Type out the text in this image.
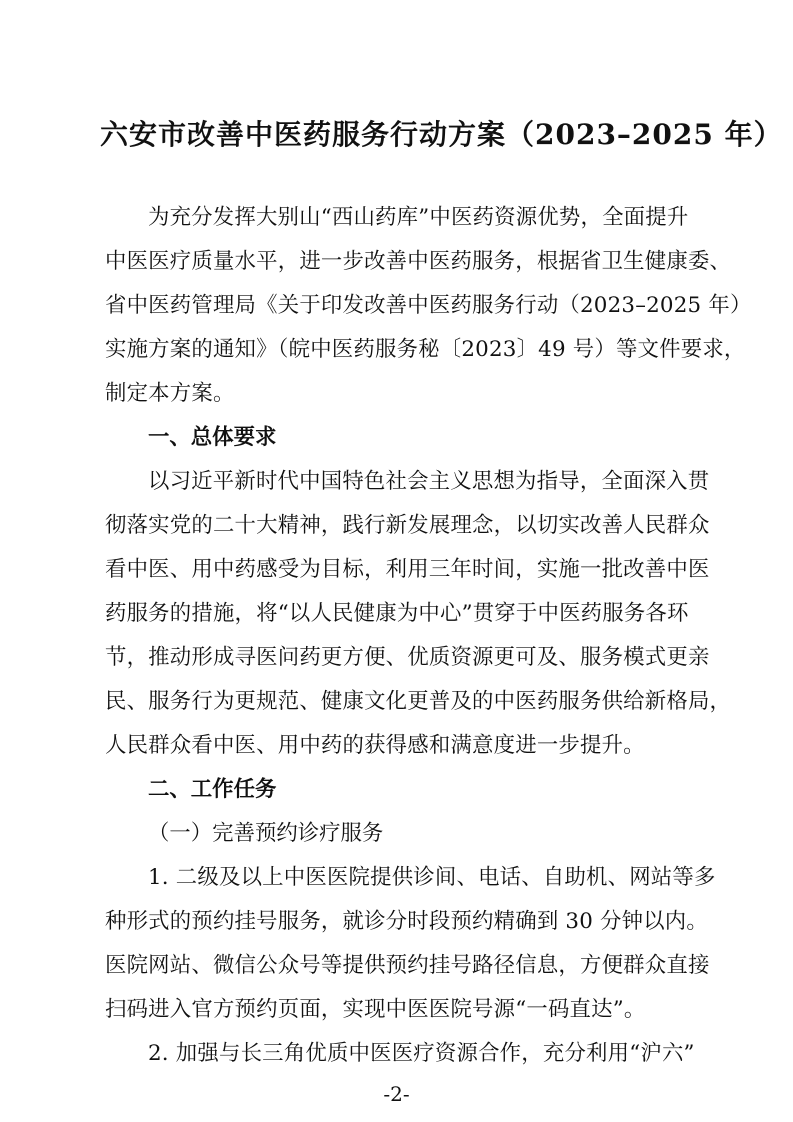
六安市改善中医药服务行动方案（2023–2025 年）
为充分发挥大别山“西山药库”中医药资源优势，全面提升
中医医疗质量水平，进一步改善中医药服务，根据省卫生健康委、
省中医药管理局《关于印发改善中医药服务行动（2023–2025 年）
实施方案的通知》（皖中医药服务秘〔2023〕49 号）等文件要求，
制定本方案。
一、总体要求
以习近平新时代中国特色社会主义思想为指导，全面深入贯
彻落实党的二十大精神，践行新发展理念，以切实改善人民群众
看中医、用中药感受为目标，利用三年时间，实施一批改善中医
药服务的措施，将“以人民健康为中心”贯穿于中医药服务各环
节，推动形成寻医问药更方便、优质资源更可及、服务模式更亲
民、服务行为更规范、健康文化更普及的中医药服务供给新格局，
人民群众看中医、用中药的获得感和满意度进一步提升。
二、工作任务
（一）完善预约诊疗服务
1. 二级及以上中医医院提供诊间、电话、自助机、网站等多
种形式的预约挂号服务，就诊分时段预约精确到 30 分钟以内。
医院网站、微信公众号等提供预约挂号路径信息，方便群众直接
扫码进入官方预约页面，实现中医医院号源“一码直达”。
2. 加强与长三角优质中医医疗资源合作，充分利用“沪六”
-2-
